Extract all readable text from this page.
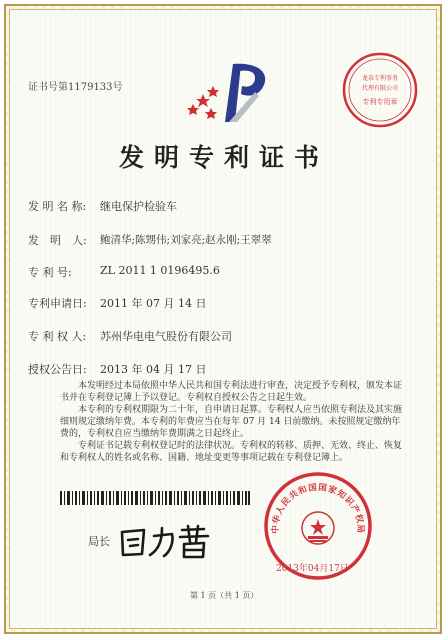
龙泉专利事务
代理有限公司
专利专用章
证书号第1179133号
发明专利证书
发 明 名 称: 继电保护检验车
发　明　人: 鲍清华;陈甥伟;刘家亮;赵永刚;王翠翠
专 利 号:	ZL 2011 1 0196495.6
专利申请日: 2011 年 07 月 14 日
专 利 权 人: 苏州华电电气股份有限公司
授权公告日: 2013 年 04 月 17 日

本发明经过本局依照中华人民共和国专利法进行审查，决定授予专利权，颁发本证书并在专利登记簿上予以登记。专利权自授权公告之日起生效。

本专利的专利权期限为二十年，自申请日起算。专利权人应当依照专利法及其实施细则规定缴纳年费。本专利的年费应当在每年 07 月 14 日前缴纳。未按照规定缴纳年费的，专利权自应当缴纳年费期满之日起终止。

专利证书记载专利权登记时的法律状况。专利权的转移、质押、无效、终止、恢复和专利权人的姓名或名称、国籍、地址变更等事项记载在专利登记簿上。

局长
中华人民共和国国家知识产权局
2013年04月17日
第 1 页（共 1 页）
